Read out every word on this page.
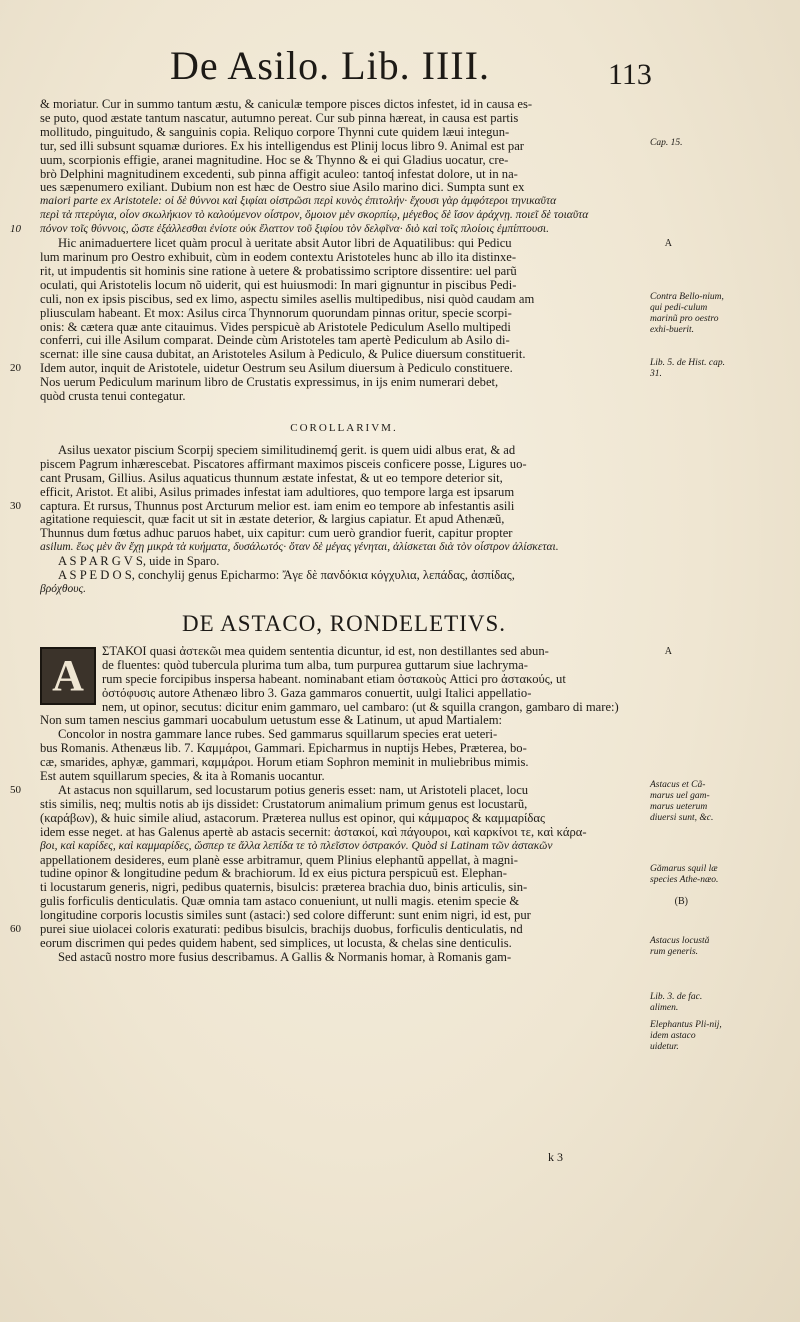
De Asilo. Lib. IIII.	113
& moriatur. Cur in summo tantum æstu, & caniculæ tempore pisces dictos infestet, id in causa es-
se puto, quod æstate tantum nascatur, autumno pereat. Cur sub pinna hæreat, in causa est partis
mollitudo, pinguitudo, & sanguinis copia. Reliquo corpore Thynni cute quidem læui integun-
tur, sed illi subsunt squamæ duriores. Ex his intelligendus est Plinij locus libro 9. Animal est par
uum, scorpionis effigie, aranei magnitudine. Hoc se & Thynno & ei qui Gladius uocatur, cre-
brò Delphini magnitudinem excedenti, sub pinna affigit aculeo: tantoq́ infestat dolore, ut in na-
ues sæpenumero exiliant. Dubium non est hæc de Oestro siue Asilo marino dici. Sumpta sunt ex
maiori parte ex Aristotele: οἱ δὲ θύννοι καὶ ξιφίαι οἰστρῶσι περὶ κυνὸς ἐπιτολήν· ἔχουσι γὰρ ἀμφότεροι τηνικαῦτα
περὶ τὰ πτερύγια, οἷον σκωλήκιον τὸ καλούμενον οἶστρον, ὅμοιον μὲν σκορπίῳ, μέγεθος δὲ ἴσον ἀράχνῃ. ποιεῖ δὲ τοιαῦτα
10 πόνον τοῖς θύννοις, ὥστε ἐξάλλεσθαι ἐνίοτε οὐκ ἔλαττον τοῦ ξιφίου τὸν δελφῖνα· διὸ καὶ τοῖς πλοίοις ἐμπίπτουσι.
Hic animaduertere licet quàm procul à ueritate absit Autor libri de Aquatilibus: qui Pedicu	A
lum marinum pro Oestro exhibuit, cùm in eodem contextu Aristoteles hunc ab illo ita distinxe-
rit, ut impudentis sit hominis sine ratione à uetere & probatissimo scriptore dissentire: uel parũ
oculati, qui Aristotelis locum nõ uiderit, qui est huiusmodi: In mari gignuntur in piscibus Pedi-
culi, non ex ipsis piscibus, sed ex limo, aspectu similes asellis multipedibus, nisi quòd caudam am
pliusculam habeant. Et mox: Asilus circa Thynnorum quorundam pinnas oritur, specie scorpi-
onis: & cætera quæ ante citauimus. Vides perspicuè ab Aristotele Pediculum Asello multipedi
conferri, cui ille Asilum comparat. Deinde cùm Aristoteles tam apertè Pediculum ab Asilo di-
scernat: ille sine causa dubitat, an Aristoteles Asilum à Pediculo, & Pulice diuersum constituerit.
20 Idem autor, inquit de Aristotele, uidetur Oestrum seu Asilum diuersum à Pediculo constituere.
Nos uerum Pediculum marinum libro de Crustatis expressimus, in ijs enim numerari debet,
quòd crusta tenui contegatur.
COROLLARIVM.
Asilus uexator piscium Scorpij speciem similitudinemq́ gerit. is quem uidi albus erat, & ad
piscem Pagrum inhærescebat. Piscatores affirmant maximos pisceis conficere posse, Ligures uo-
cant Prusam, Gillius. Asilus aquaticus thunnum æstate infestat, & ut eo tempore deterior sit,
efficit, Aristot. Et alibi, Asilus primades infestat iam adultiores, quo tempore larga est ipsarum
30 captura. Et rursus, Thunnus post Arcturum melior est. iam enim eo tempore ab infestantis asili
agitatione requiescit, quæ facit ut sit in æstate deterior, & largius capiatur. Et apud Athenæũ,
Thunnus dum fœtus adhuc paruos habet, uix capitur: cum uerò grandior fuerit, capitur propter
asilum. ἕως μὲν ἂν ἔχῃ μικρὰ τὰ κυήματα, δυσάλωτός· ὅταν δὲ μέγας γένηται, ἁλίσκεται διὰ τὸν οἶστρον ἁλίσκεται.
A S P A R G V S, uide in Sparo.
A S P E D O S, conchylij genus Epicharmo: Ἄγε δὲ πανδόκια κόγχυλια, λεπάδας, ἀσπίδας,
βρόχθους.
DE ASTACO, RONDELETIVS.
A	ΣΤΑΚΟΙ quasi ἀστεκῶι mea quidem sententia dicuntur, id est, non destillantes sed abun-	A
de fluentes: quòd tubercula plurima tum alba, tum purpurea guttarum siue lachryma-
rum specie forcipibus inspersa habeant. nominabant etiam ὀστακοὺς Attici pro ἀστακούς, ut
ὀστόφυσις autore Athenæo libro 3. Gaza gammaros conuertit, uulgi Italici appellatio-
nem, ut opinor, secutus: dicitur enim gammaro, uel cambaro: (ut & squilla crangon, gambaro di mare:)
Non sum tamen nescius gammari uocabulum uetustum esse & Latinum, ut apud Martialem:
Concolor in nostra gammare lance rubes. Sed gammarus squillarum species erat ueteri-
bus Romanis. Athenæus lib. 7. Καμμάροι, Gammari. Epicharmus in nuptijs Hebes, Præterea, bo-
cæ, smarides, aphyæ, gammari, καμμάροι. Horum etiam Sophron meminit in muliebribus mimis.
Est autem squillarum species, & ita à Romanis uocantur.
50	At astacus non squillarum, sed locustarum potius generis esset: nam, ut Aristoteli placet, locu
stis similis, neq; multis notis ab ijs dissidet: Crustatorum animalium primum genus est locustarũ,
(καράβων), & huic simile aliud, astacorum. Præterea nullus est opinor, qui κάμμαρος & καμμαρίδας
idem esse neget. at has Galenus apertè ab astacis secernit: ἀστακοί, καὶ πάγουροι, καὶ καρκίνοι τε, καὶ κάρα-
βοι, καὶ καρίδες, καὶ καμμαρίδες, ὥσπερ τε ἄλλα λεπίδα τε τὸ πλεῖστον ὀστρακόν. Quòd si Latinam τῶν ἀστακῶν
appellationem desideres, eum planè esse arbitramur, quem Plinius elephantũ appellat, à magni-
tudine opinor & longitudine pedum & brachiorum. Id ex eius pictura perspicuũ est. Elephan-
ti locustarum generis, nigri, pedibus quaternis, bisulcis: præterea brachia duo, binis articulis, sin-
gulis forficulis denticulatis. Quæ omnia tam astaco conueniunt, ut nulli magis. etenim specie &	(B)
longitudine corporis locustis similes sunt (astaci:) sed colore differunt: sunt enim nigri, id est, pur
60 purei siue uiolacei coloris exaturati: pedibus bisulcis, brachijs duobus, forficulis denticulatis, nd
eorum discrimen qui pedes quidem habent, sed simplices, ut locusta, & chelas sine denticulis.
Sed astacũ nostro more fusius describamus. A Gallis & Normanis homar, à Romanis gam-
Cap. 15.
Contra Bello-nium, qui pedi-culum marinũ pro oestro exhi-buerit.
Lib. 5. de Hist. cap. 31.
Astacus et Cã-marus uel gam-marus ueterum diuersi sunt, &c.
Gămarus squil læ species Athe-næo.
Astacus locustă rum generis.
Lib. 3. de fac. alimen.
Elephantus Pli-nij, idem astaco uidetur.
k 3
